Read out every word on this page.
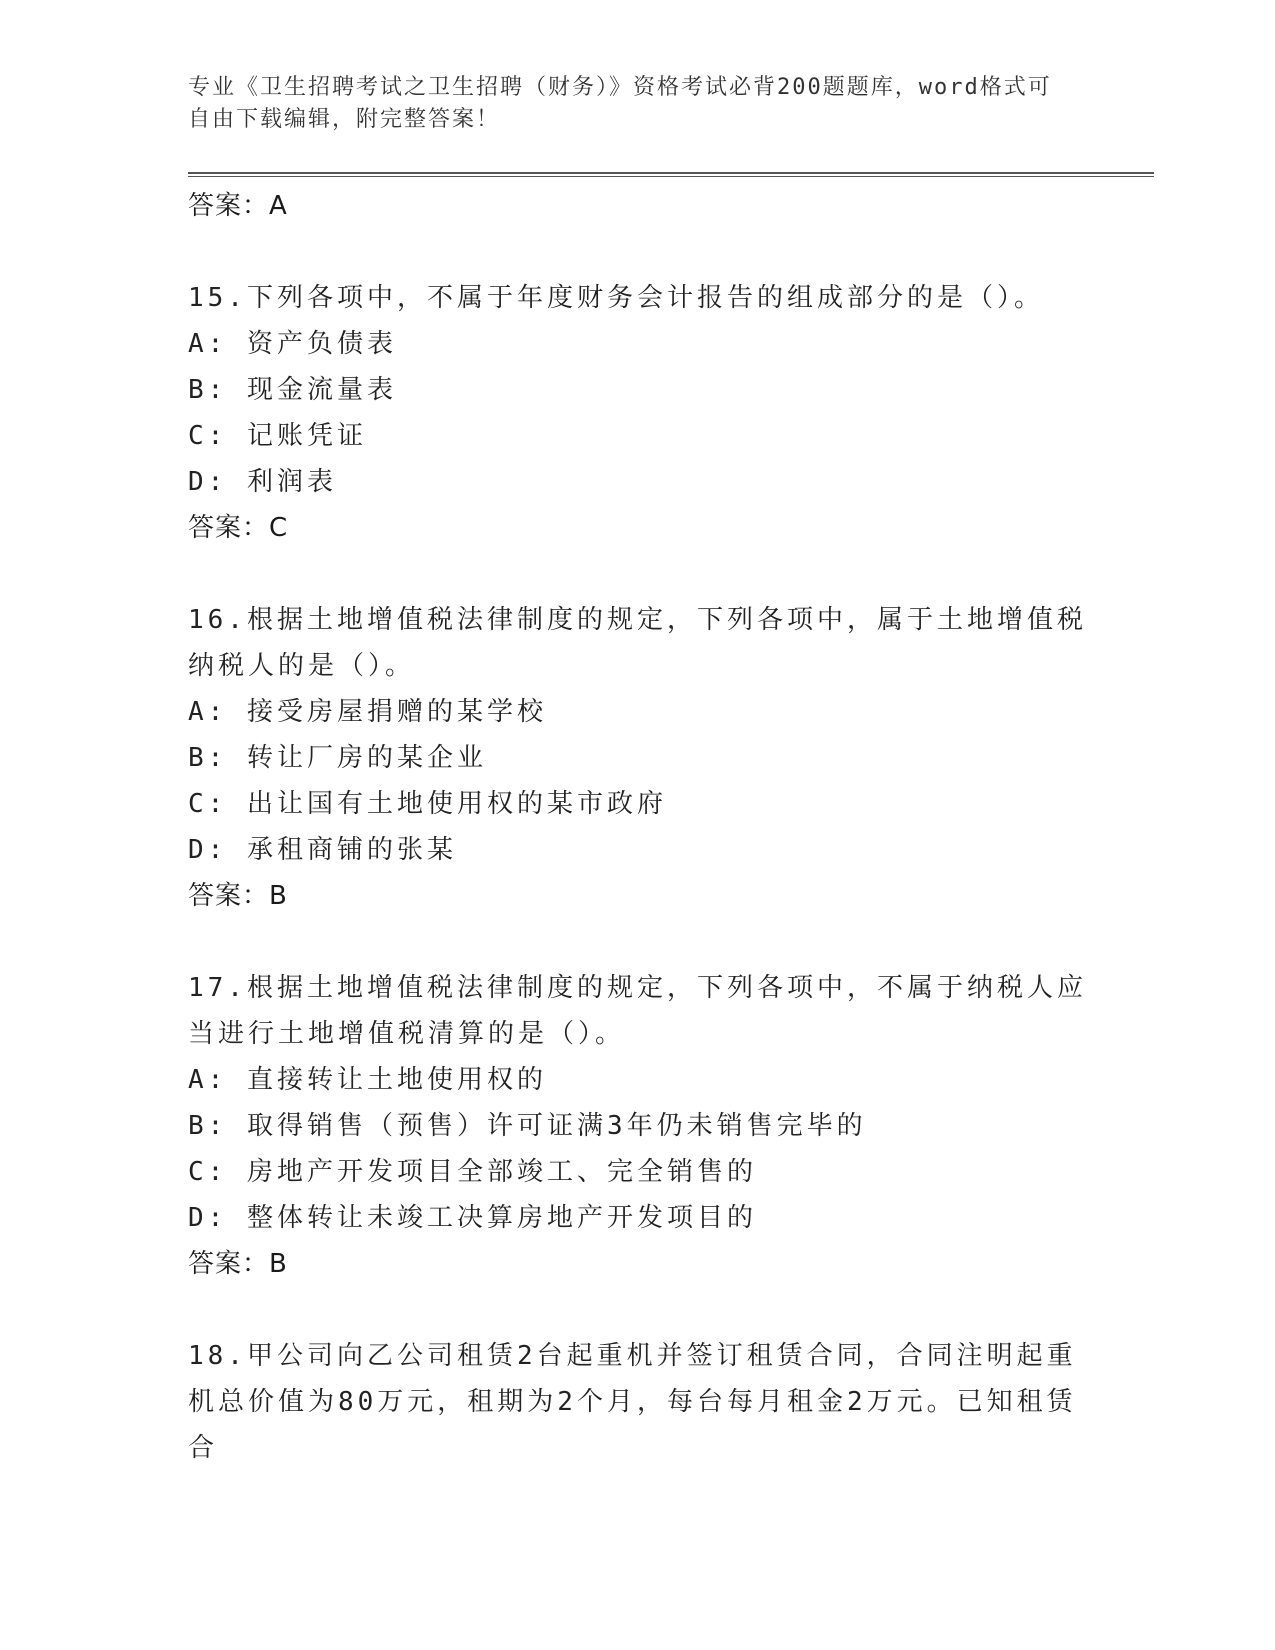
专业《卫生招聘考试之卫生招聘（财务）》资格考试必背200题题库，word格式可自由下载编辑，附完整答案！
答案：A
15.下列各项中，不属于年度财务会计报告的组成部分的是（）。
A: 资产负债表
B: 现金流量表
C: 记账凭证
D: 利润表
答案：C
16.根据土地增值税法律制度的规定，下列各项中，属于土地增值税纳税人的是（）。
A: 接受房屋捐赠的某学校
B: 转让厂房的某企业
C: 出让国有土地使用权的某市政府
D: 承租商铺的张某
答案：B
17.根据土地增值税法律制度的规定，下列各项中，不属于纳税人应当进行土地增值税清算的是（）。
A: 直接转让土地使用权的
B: 取得销售（预售）许可证满3年仍未销售完毕的
C: 房地产开发项目全部竣工、完全销售的
D: 整体转让未竣工决算房地产开发项目的
答案：B
18.甲公司向乙公司租赁2台起重机并签订租赁合同，合同注明起重机总价值为80万元，租期为2个月，每台每月租金2万元。已知租赁合
